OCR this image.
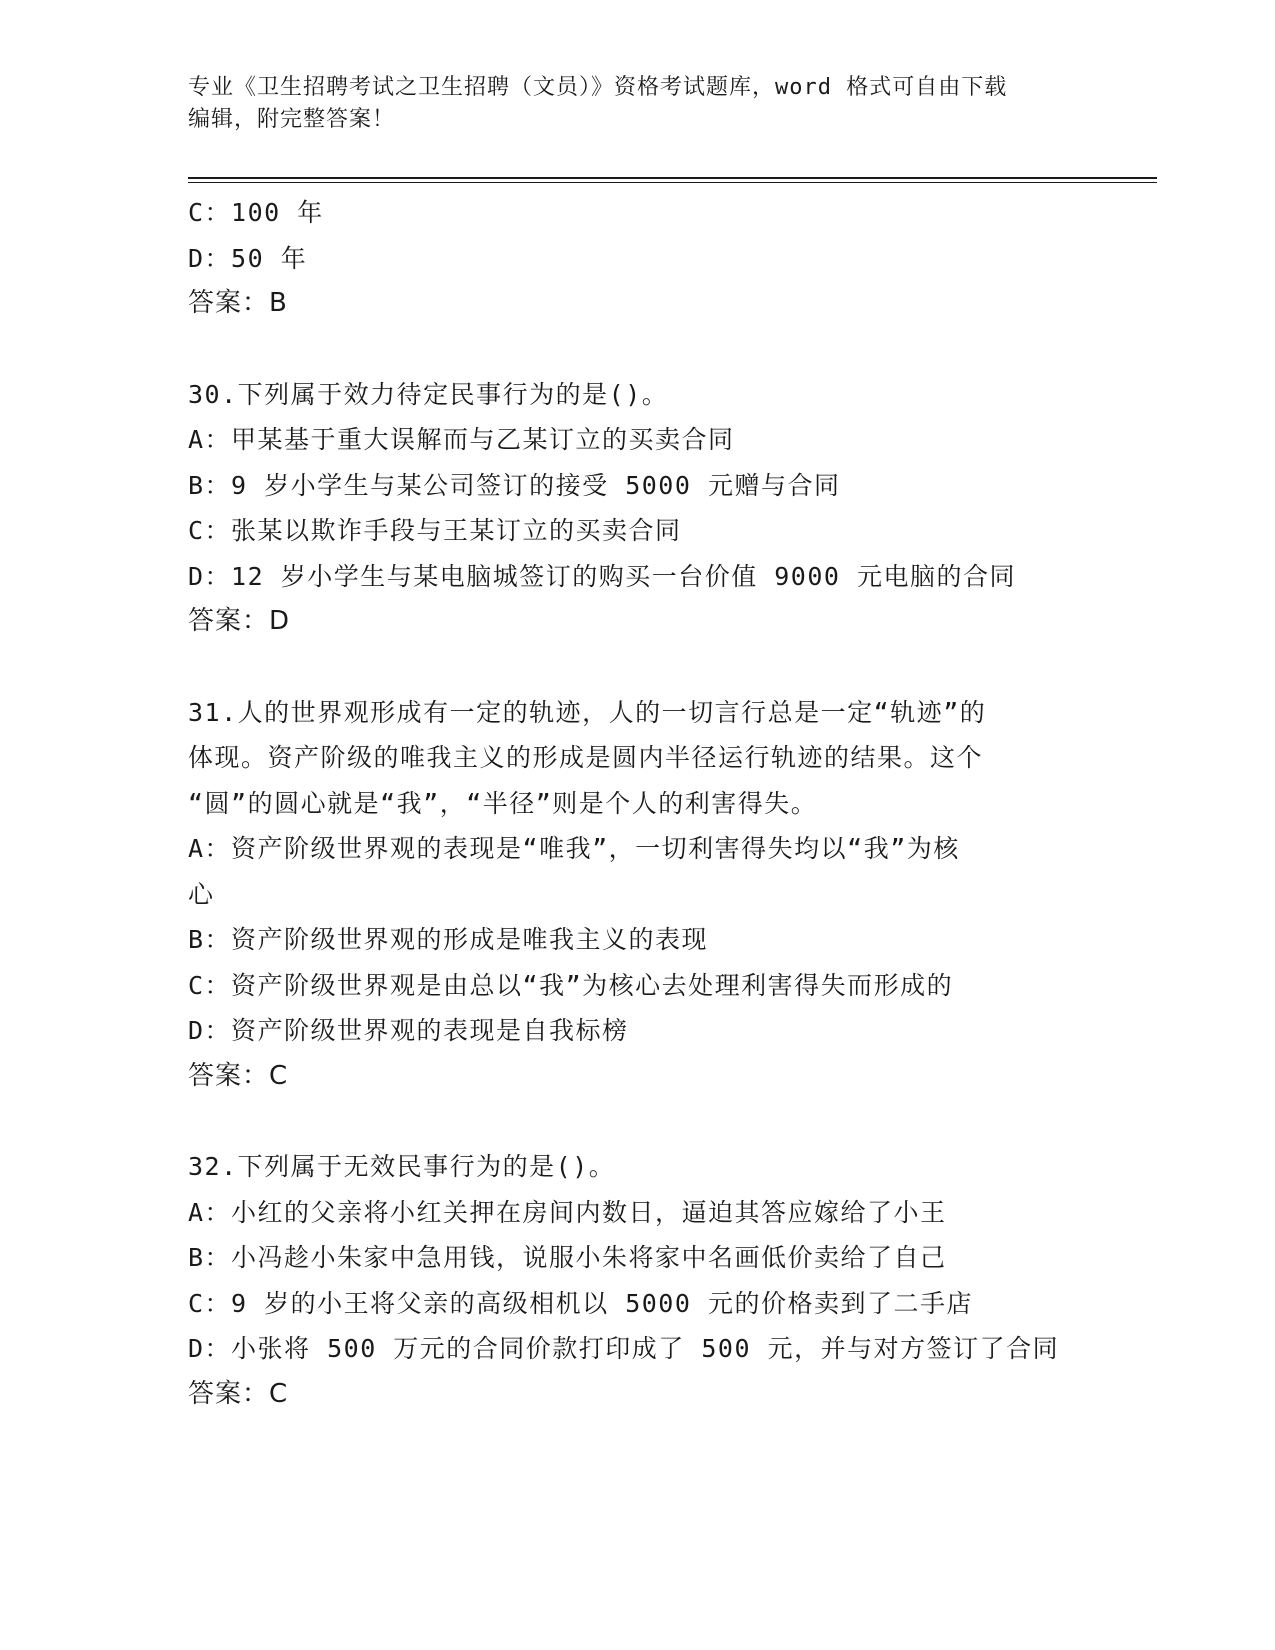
专业《卫生招聘考试之卫生招聘（文员）》资格考试题库，word 格式可自由下载
编辑，附完整答案！
C：100 年
D：50 年
答案：B
30.下列属于效力待定民事行为的是()。
A：甲某基于重大误解而与乙某订立的买卖合同
B：9 岁小学生与某公司签订的接受 5000 元赠与合同
C：张某以欺诈手段与王某订立的买卖合同
D：12 岁小学生与某电脑城签订的购买一台价值 9000 元电脑的合同
答案：D
31.人的世界观形成有一定的轨迹，人的一切言行总是一定“轨迹”的
体现。资产阶级的唯我主义的形成是圆内半径运行轨迹的结果。这个
“圆”的圆心就是“我”，“半径”则是个人的利害得失。
A：资产阶级世界观的表现是“唯我”，一切利害得失均以“我”为核
心
B：资产阶级世界观的形成是唯我主义的表现
C：资产阶级世界观是由总以“我”为核心去处理利害得失而形成的
D：资产阶级世界观的表现是自我标榜
答案：C
32.下列属于无效民事行为的是()。
A：小红的父亲将小红关押在房间内数日，逼迫其答应嫁给了小王
B：小冯趁小朱家中急用钱，说服小朱将家中名画低价卖给了自己
C：9 岁的小王将父亲的高级相机以 5000 元的价格卖到了二手店
D：小张将 500 万元的合同价款打印成了 500 元，并与对方签订了合同
答案：C
